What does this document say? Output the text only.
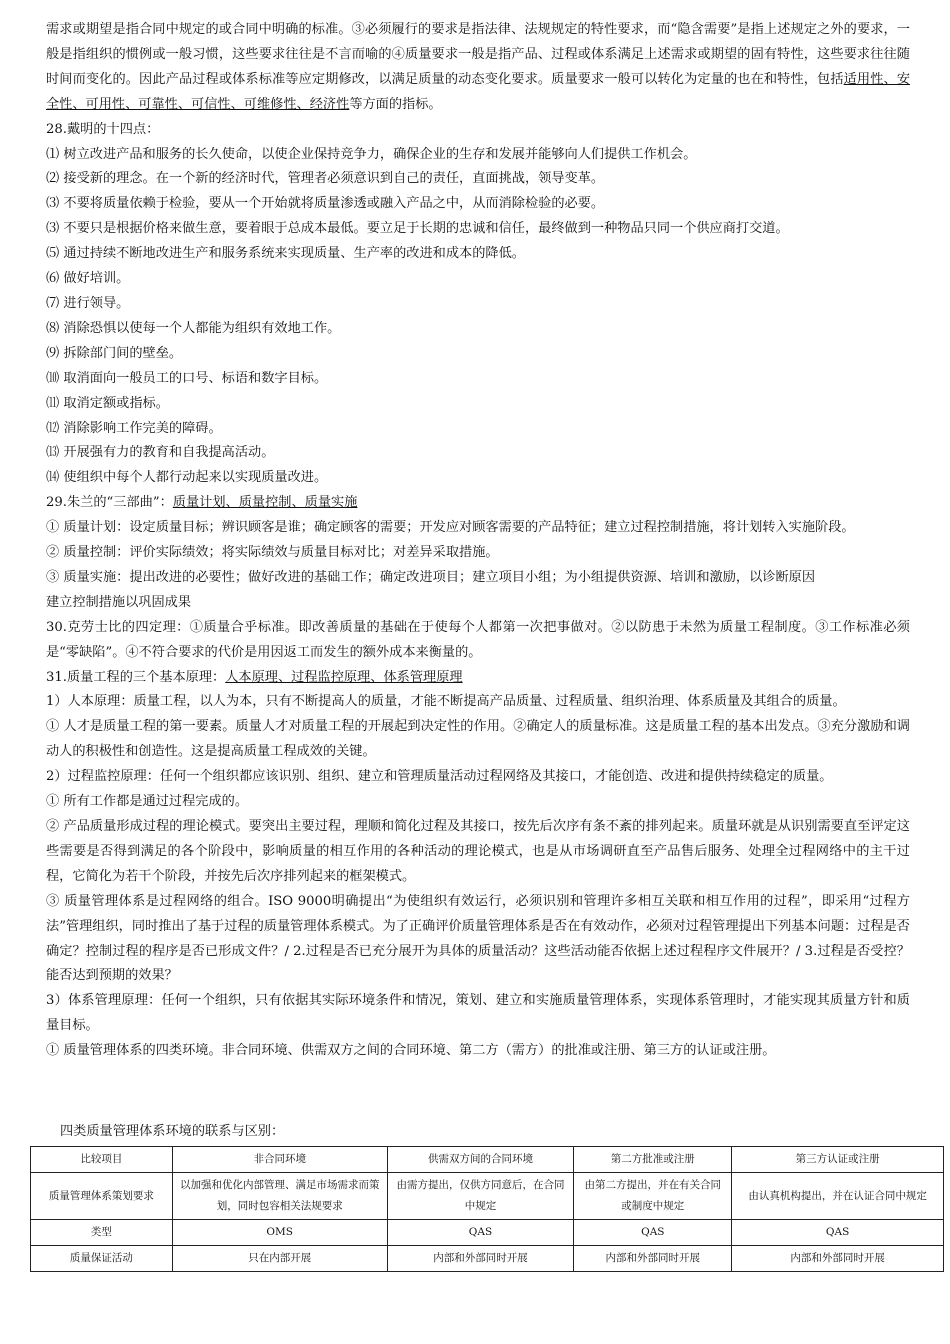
需求或期望是指合同中规定的或合同中明确的标准。③必须履行的要求是指法律、法规规定的特性要求，而“隐含需要”是指上述规定之外的要求，一般是指组织的惯例或一般习惯，这些要求往往是不言而喻的④质量要求一般是指产品、过程或体系满足上述需求或期望的固有特性，这些要求往往随时间而变化的。因此产品过程或体系标准等应定期修改，以满足质量的动态变化要求。质量要求一般可以转化为定量的也在和特性，包括适用性、安全性、可用性、可靠性、可信性、可维修性、经济性等方面的指标。

28.戴明的十四点：

⑴ 树立改进产品和服务的长久使命，以使企业保持竞争力，确保企业的生存和发展并能够向人们提供工作机会。

⑵ 接受新的理念。在一个新的经济时代，管理者必须意识到自己的责任，直面挑战，领导变革。

⑶ 不要将质量依赖于检验，要从一个开始就将质量渗透或融入产品之中，从而消除检验的必要。

⑶ 不要只是根据价格来做生意，要着眼于总成本最低。要立足于长期的忠诚和信任，最终做到一种物品只同一个供应商打交道。

⑸ 通过持续不断地改进生产和服务系统来实现质量、生产率的改进和成本的降低。

⑹ 做好培训。

⑺ 进行领导。

⑻ 消除恐惧以使每一个人都能为组织有效地工作。

⑼ 拆除部门间的壁垒。

⑽ 取消面向一般员工的口号、标语和数字目标。

⑾ 取消定额或指标。

⑿ 消除影响工作完美的障碍。

⒀ 开展强有力的教育和自我提高活动。

⒁ 使组织中每个人都行动起来以实现质量改进。

29.朱兰的“三部曲”：质量计划、质量控制、质量实施

① 质量计划：设定质量目标；辨识顾客是谁；确定顾客的需要；开发应对顾客需要的产品特征；建立过程控制措施，将计划转入实施阶段。

② 质量控制：评价实际绩效；将实际绩效与质量目标对比；对差异采取措施。

③ 质量实施：提出改进的必要性；做好改进的基础工作；确定改进项目；建立项目小组；为小组提供资源、培训和激励，以诊断原因

建立控制措施以巩固成果

30.克劳士比的四定理：①质量合乎标准。即改善质量的基础在于使每个人都第一次把事做对。②以防患于未然为质量工程制度。③工作标准必须是“零缺陷”。④不符合要求的代价是用因返工而发生的额外成本来衡量的。

31.质量工程的三个基本原理：人本原理、过程监控原理、体系管理原理

1）人本原理：质量工程，以人为本，只有不断提高人的质量，才能不断提高产品质量、过程质量、组织治理、体系质量及其组合的质量。

① 人才是质量工程的第一要素。质量人才对质量工程的开展起到决定性的作用。②确定人的质量标准。这是质量工程的基本出发点。③充分激励和调动人的积极性和创造性。这是提高质量工程成效的关键。

2）过程监控原理：任何一个组织都应该识别、组织、建立和管理质量活动过程网络及其接口，才能创造、改进和提供持续稳定的质量。

① 所有工作都是通过过程完成的。

② 产品质量形成过程的理论模式。要突出主要过程，理顺和简化过程及其接口，按先后次序有条不紊的排列起来。质量环就是从识别需要直至评定这些需要是否得到满足的各个阶段中，影响质量的相互作用的各种活动的理论模式，也是从市场调研直至产品售后服务、处理全过程网络中的主干过程，它简化为若干个阶段，并按先后次序排列起来的框架模式。

③ 质量管理体系是过程网络的组合。ISO 9000明确提出“为使组织有效运行，必须识别和管理许多相互关联和相互作用的过程”，即采用“过程方法”管理组织，同时推出了基于过程的质量管理体系模式。为了正确评价质量管理体系是否在有效动作，必须对过程管理提出下列基本问题：过程是否确定？控制过程的程序是否已形成文件？/ 2.过程是否已充分展开为具体的质量活动？这些活动能否依据上述过程程序文件展开？/ 3.过程是否受控？能否达到预期的效果？

3）体系管理原理：任何一个组织，只有依据其实际环境条件和情况，策划、建立和实施质量管理体系，实现体系管理时，才能实现其质量方针和质量目标。

① 质量管理体系的四类环境。非合同环境、供需双方之间的合同环境、第二方（需方）的批准或注册、第三方的认证或注册。

四类质量管理体系环境的联系与区别：
比较项目	非合同环境	供需双方间的合同环境	第二方批准或注册	第三方认证或注册
质量管理体系策划要求	以加强和优化内部管理、满足市场需求而策划，同时包容相关法规要求	由需方提出，仅供方同意后，在合同中规定	由第二方提出，并在有关合同或制度中规定	由认真机构提出，并在认证合同中规定
类型	OMS	QAS	QAS	QAS
质量保证活动	只在内部开展	内部和外部同时开展	内部和外部同时开展	内部和外部同时开展
